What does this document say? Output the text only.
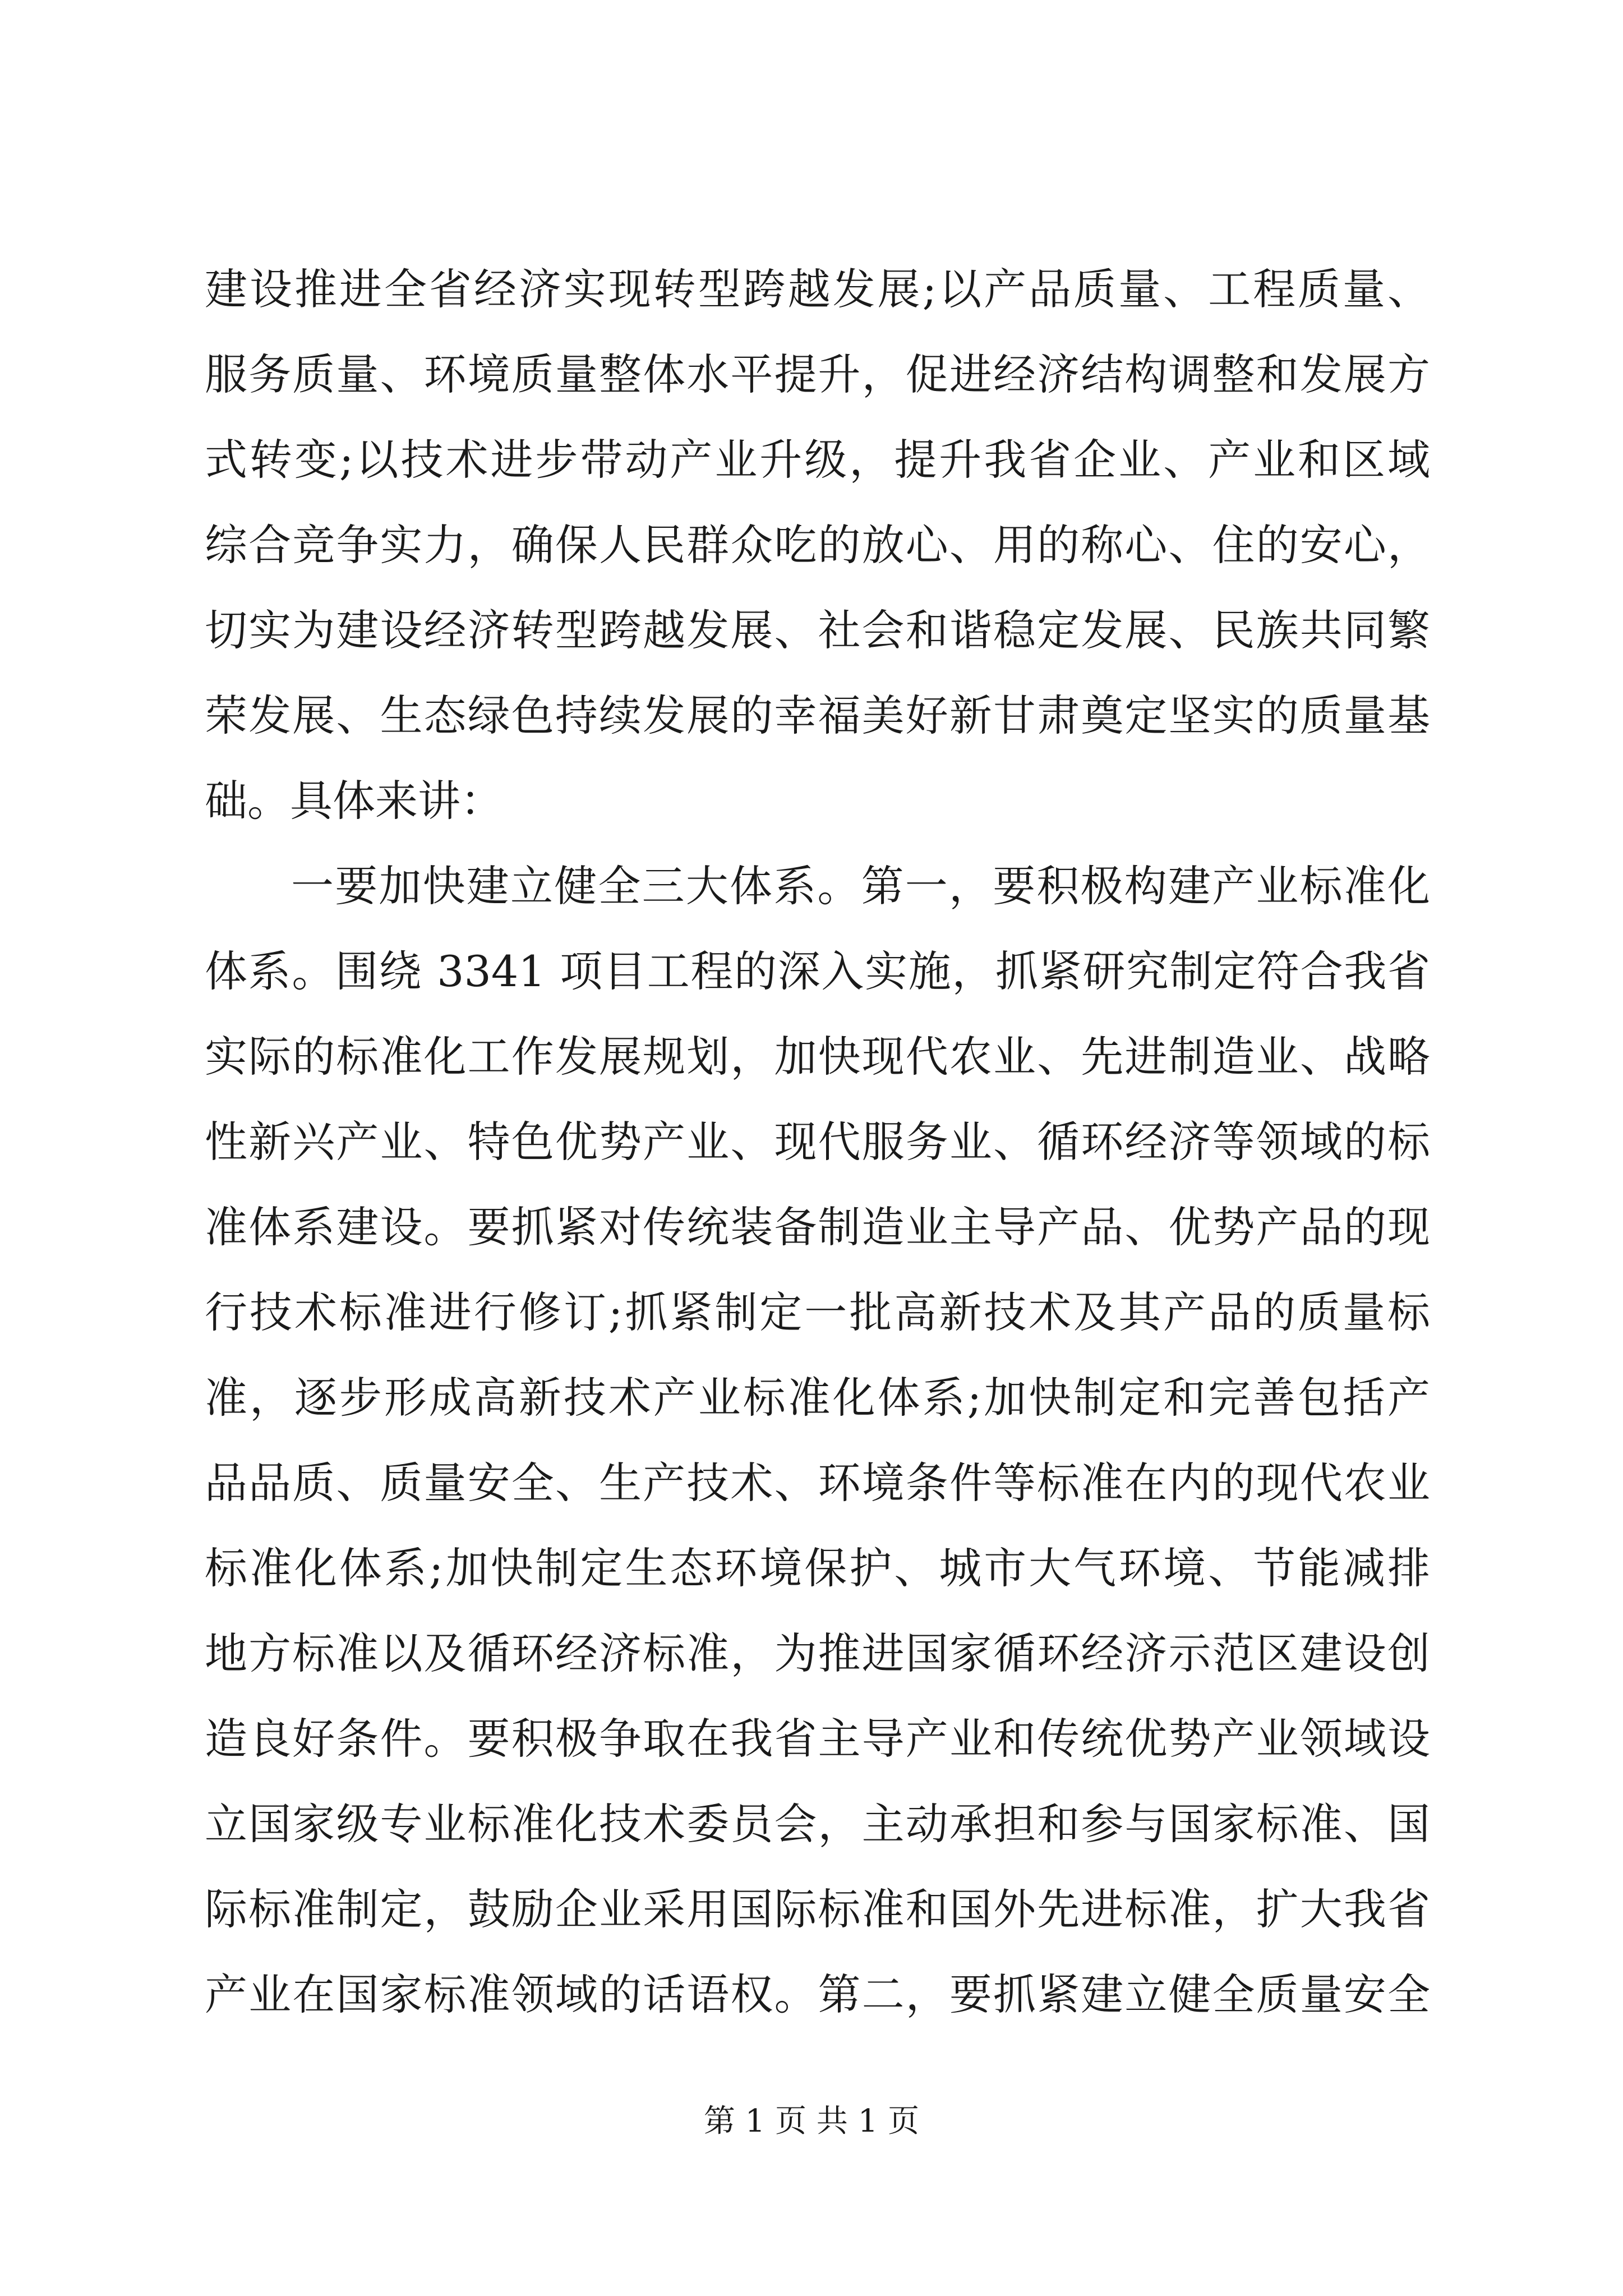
建设推进全省经济实现转型跨越发展;以产品质量、工程质量、
服务质量、环境质量整体水平提升，促进经济结构调整和发展方
式转变;以技术进步带动产业升级，提升我省企业、产业和区域
综合竞争实力，确保人民群众吃的放心、用的称心、住的安心，
切实为建设经济转型跨越发展、社会和谐稳定发展、民族共同繁
荣发展、生态绿色持续发展的幸福美好新甘肃奠定坚实的质量基
础。具体来讲：
一要加快建立健全三大体系。第一，要积极构建产业标准化
体系。围绕 3341 项目工程的深入实施，抓紧研究制定符合我省
实际的标准化工作发展规划，加快现代农业、先进制造业、战略
性新兴产业、特色优势产业、现代服务业、循环经济等领域的标
准体系建设。要抓紧对传统装备制造业主导产品、优势产品的现
行技术标准进行修订;抓紧制定一批高新技术及其产品的质量标
准，逐步形成高新技术产业标准化体系;加快制定和完善包括产
品品质、质量安全、生产技术、环境条件等标准在内的现代农业
标准化体系;加快制定生态环境保护、城市大气环境、节能减排
地方标准以及循环经济标准，为推进国家循环经济示范区建设创
造良好条件。要积极争取在我省主导产业和传统优势产业领域设
立国家级专业标准化技术委员会，主动承担和参与国家标准、国
际标准制定，鼓励企业采用国际标准和国外先进标准，扩大我省
产业在国家标准领域的话语权。第二，要抓紧建立健全质量安全
第 1 页 共 1 页
